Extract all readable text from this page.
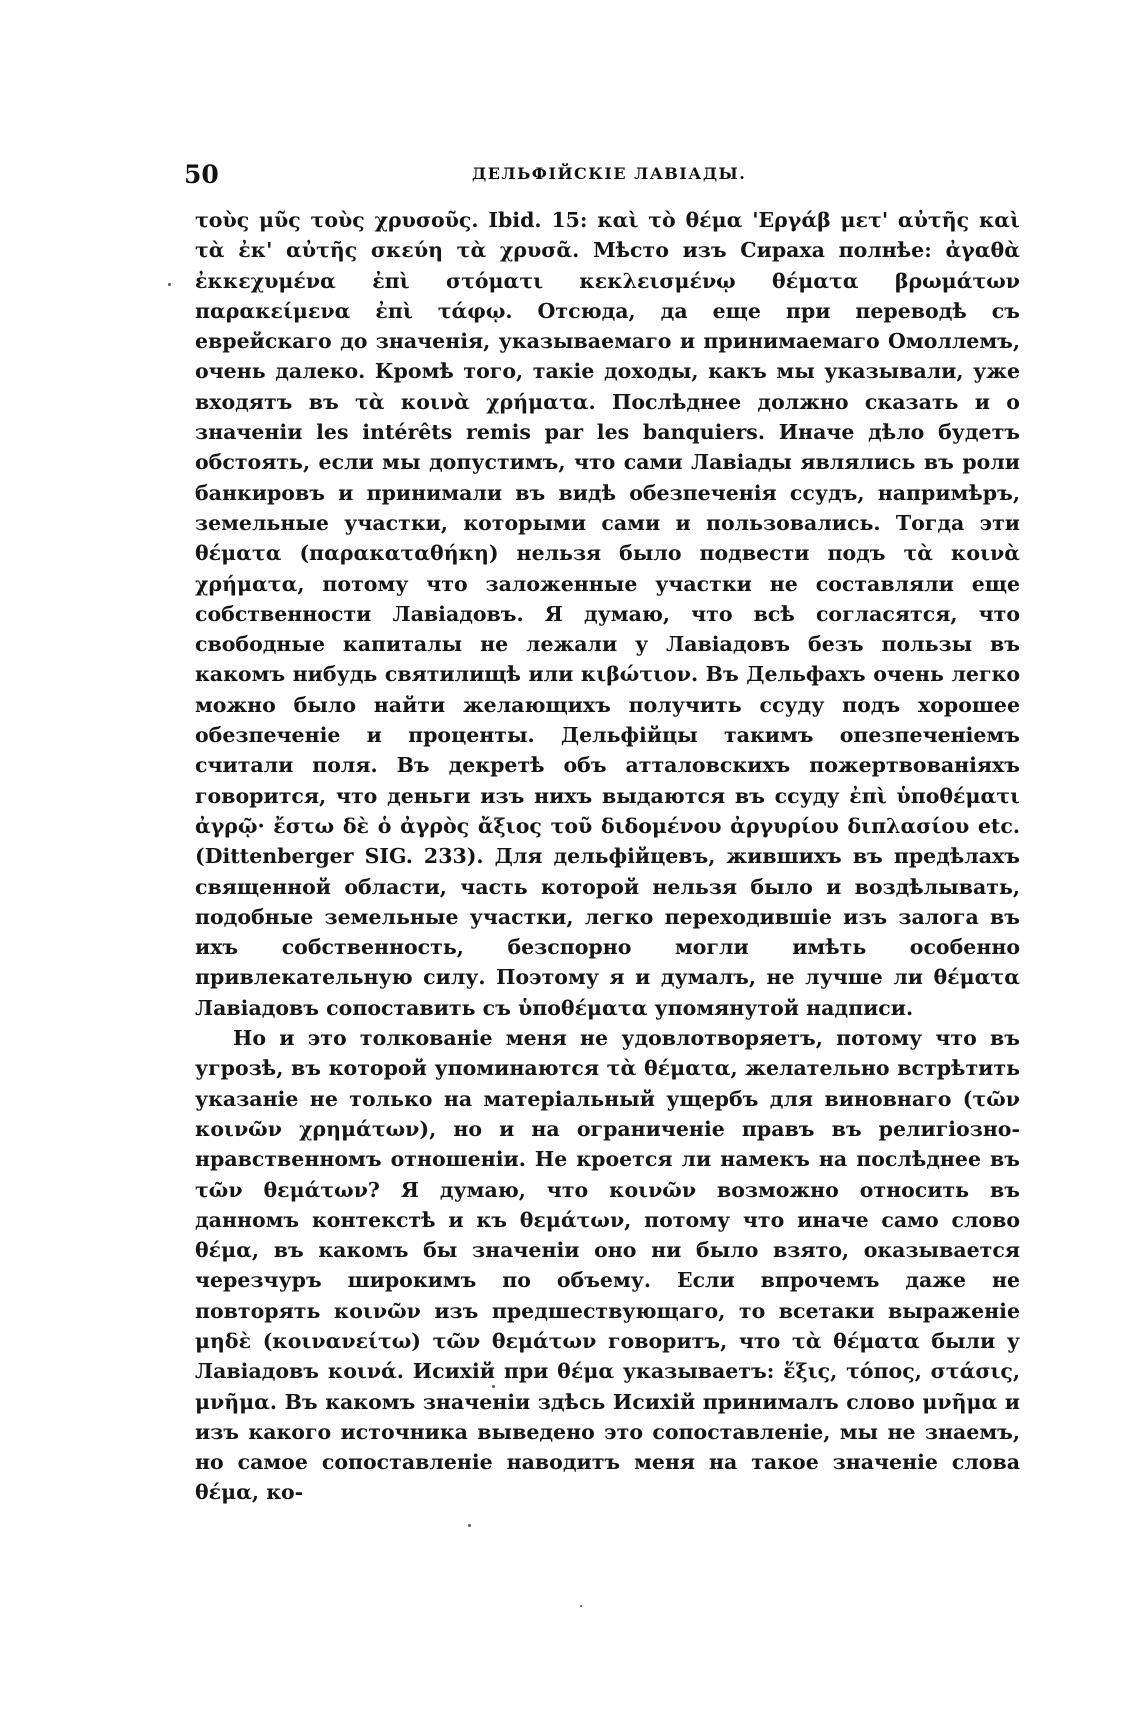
50	ДЕЛЬФІЙСКІЕ ЛАВІАДЫ.

τοὺς μῦς τοὺς χρυσοῦς. Ibid. 15: καὶ τὸ θέμα 'Εργάβ μετ' αὐτῆς καὶ τὰ ἐκ' αὐτῆς σκεύη τὰ χρυσᾶ. Мѣсто изъ Сираха полнѣе: ἀγαθὰ ἐκκεχυμένα ἐπὶ στόματι κεκλεισμένῳ θέματα βρωμάτων παρακείμενα ἐπὶ τάφῳ. Отсюда, да еще при переводѣ съ еврейскаго до значенія, указываемаго и принимаемаго Омоллемъ, очень далеко. Кромѣ того, такіе доходы, какъ мы указывали, уже входятъ въ τὰ κοινὰ χρήματα. Послѣднее должно сказать и о значеніи les intérêts remis par les banquiers. Иначе дѣло будетъ обстоять, если мы допустимъ, что сами Лавіады являлись въ роли банкировъ и принимали въ видѣ обезпеченія ссудъ, напримѣръ, земельные участки, которыми сами и пользовались. Тогда эти θέματα (παρακαταθήκη) нельзя было подвести подъ τὰ κοινὰ χρήματα, потому что заложенные участки не составляли еще собственности Лавіадовъ. Я думаю, что всѣ согласятся, что свободные капиталы не лежали у Лавіадовъ безъ пользы въ какомъ нибудь святилищѣ или κιβώτιον. Въ Дельфахъ очень легко можно было найти желающихъ получить ссуду подъ хорошее обезпеченіе и проценты. Дельфійцы такимъ опезпеченіемъ считали поля. Въ декретѣ объ атталовскихъ пожертвованіяхъ говорится, что деньги изъ нихъ выдаются въ ссуду ἐπὶ ὑποθέματι ἀγρῷ· ἔστω δὲ ὁ ἀγρὸς ἄξιος τοῦ διδομένου ἀργυρίου διπλασίου etc. (Dittenberger SIG. 233). Для дельфійцевъ, жившихъ въ предѣлахъ священной области, часть которой нельзя было и воздѣлывать, подобные земельные участки, легко переходившіе изъ залога въ ихъ собственность, безспорно могли имѣть особенно привлекательную силу. Поэтому я и думалъ, не лучше ли θέματα Лавіадовъ сопоставить съ ὑποθέματα упомянутой надписи.

Но и это толкованіе меня не удовлотворяетъ, потому что въ угрозѣ, въ которой упоминаются τὰ θέματα, желательно встрѣтить указаніе не только на матеріальный ущербъ для виновнаго (τῶν κοινῶν χρημάτων), но и на ограниченіе правъ въ религіозно-нравственномъ отношеніи. Не кроется ли намекъ на послѣднее въ τῶν θεμάτων? Я думаю, что κοινῶν возможно относить въ данномъ контекстѣ и къ θεμάτων, потому что иначе само слово θέμα, въ какомъ бы значеніи оно ни было взято, оказывается черезчуръ широкимъ по объему. Если впрочемъ даже не повторять κοινῶν изъ предшествующаго, то всетаки выраженіе μηδὲ (κοινανείτω) τῶν θεμάτων говоритъ, что τὰ θέματα были у Лавіадовъ κοινά. Исихій при θέμα указываетъ: ἕξις, τόπος, στάσις, μνῆμα. Въ какомъ значеніи здѣсь Исихій принималъ слово μνῆμα и изъ какого источника выведено это сопоставленіе, мы не знаемъ, но самое сопоставленіе наводитъ меня на такое значеніе слова θέμα, ко-
